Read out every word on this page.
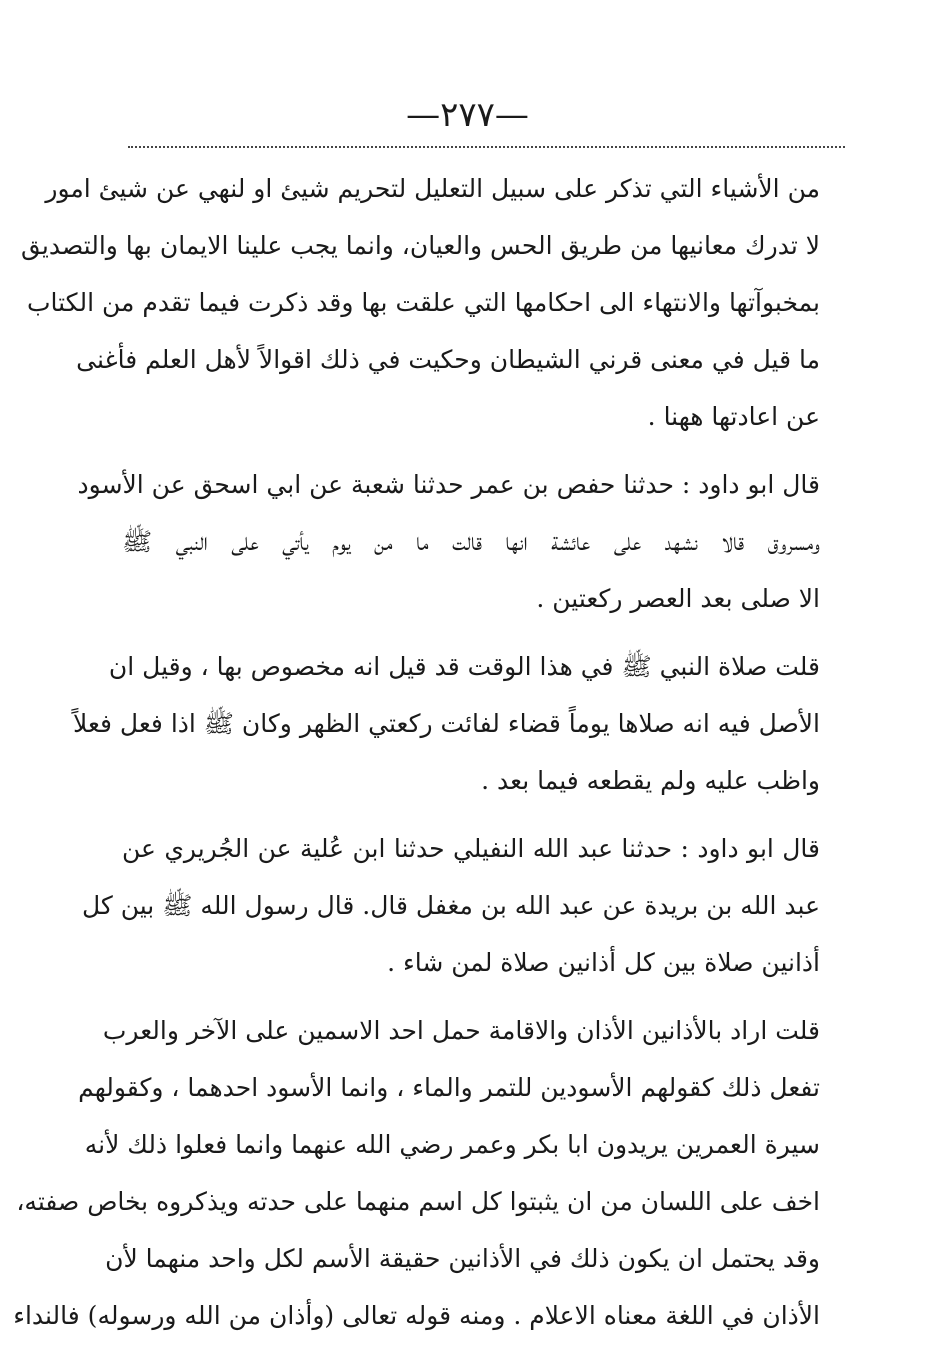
—٢٧٧—
من الأشياء التي تذكر على سبيل التعليل لتحريم شيئ او لنهي عن شيئ امور
لا تدرك معانيها من طريق الحس والعيان، وانما يجب علينا الايمان بها والتصديق
بمخبوآتها والانتهاء الى احكامها التي علقت بها وقد ذكرت فيما تقدم من الكتاب
ما قيل في معنى قرني الشيطان وحكيت في ذلك اقوالاً لأهل العلم فأغنى
عن اعادتها ههنا .
قال ابو داود : حدثنا حفص بن عمر حدثنا شعبة عن ابي اسحق عن الأسود
ومسروق قالا نشهد على عائشة انها قالت ما من يوم يأتي على النبي ﷺ
الا صلى بعد العصر ركعتين .
قلت صلاة النبي ﷺ في هذا الوقت قد قيل انه مخصوص بها ، وقيل ان
الأصل فيه انه صلاها يوماً قضاء لفائت ركعتي الظهر وكان ﷺ اذا فعل فعلاً
واظب عليه ولم يقطعه فيما بعد .
قال ابو داود : حدثنا عبد الله النفيلي حدثنا ابن عُلية عن الجُريري عن
عبد الله بن بريدة عن عبد الله بن مغفل قال. قال رسول الله ﷺ بين كل
أذانين صلاة بين كل أذانين صلاة لمن شاء .
قلت اراد بالأذانين الأذان والاقامة حمل احد الاسمين على الآخر والعرب
تفعل ذلك كقولهم الأسودين للتمر والماء ، وانما الأسود احدهما ، وكقولهم
سيرة العمرين يريدون ابا بكر وعمر رضي الله عنهما وانما فعلوا ذلك لأنه
اخف على اللسان من ان يثبتوا كل اسم منهما على حدته ويذكروه بخاص صفته،
وقد يحتمل ان يكون ذلك في الأذانين حقيقة الأسم لكل واحد منهما لأن
الأذان في اللغة معناه الاعلام . ومنه قوله تعالى (وأذان من الله ورسوله) فالنداء
